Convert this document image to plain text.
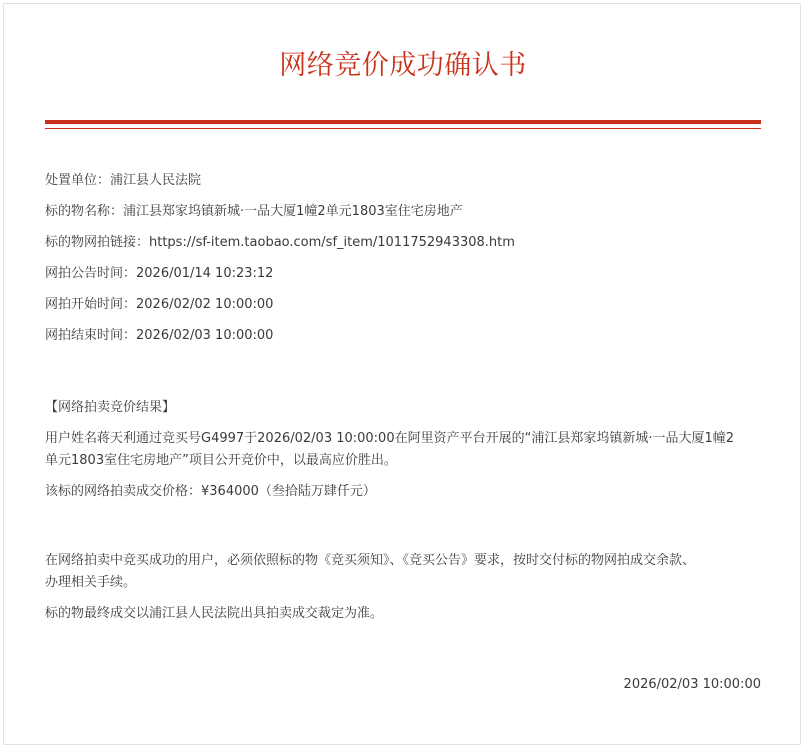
网络竞价成功确认书
处置单位：浦江县人民法院
标的物名称：浦江县郑家坞镇新城·一品大厦1幢2单元1803室住宅房地产
标的物网拍链接：https://sf-item.taobao.com/sf_item/1011752943308.htm
网拍公告时间：2026/01/14 10:23:12
网拍开始时间：2026/02/02 10:00:00
网拍结束时间：2026/02/03 10:00:00

【网络拍卖竞价结果】

用户姓名蒋天利通过竞买号G4997于2026/02/03 10:00:00在阿里资产平台开展的“浦江县郑家坞镇新城·一品大厦1幢2
单元1803室住宅房地产”项目公开竞价中，以最高应价胜出。

该标的网络拍卖成交价格：¥364000（叁拾陆万肆仟元）

在网络拍卖中竞买成功的用户，必须依照标的物《竞买须知》、《竞买公告》要求，按时交付标的物网拍成交余款、
办理相关手续。

标的物最终成交以浦江县人民法院出具拍卖成交裁定为准。

2026/02/03 10:00:00
